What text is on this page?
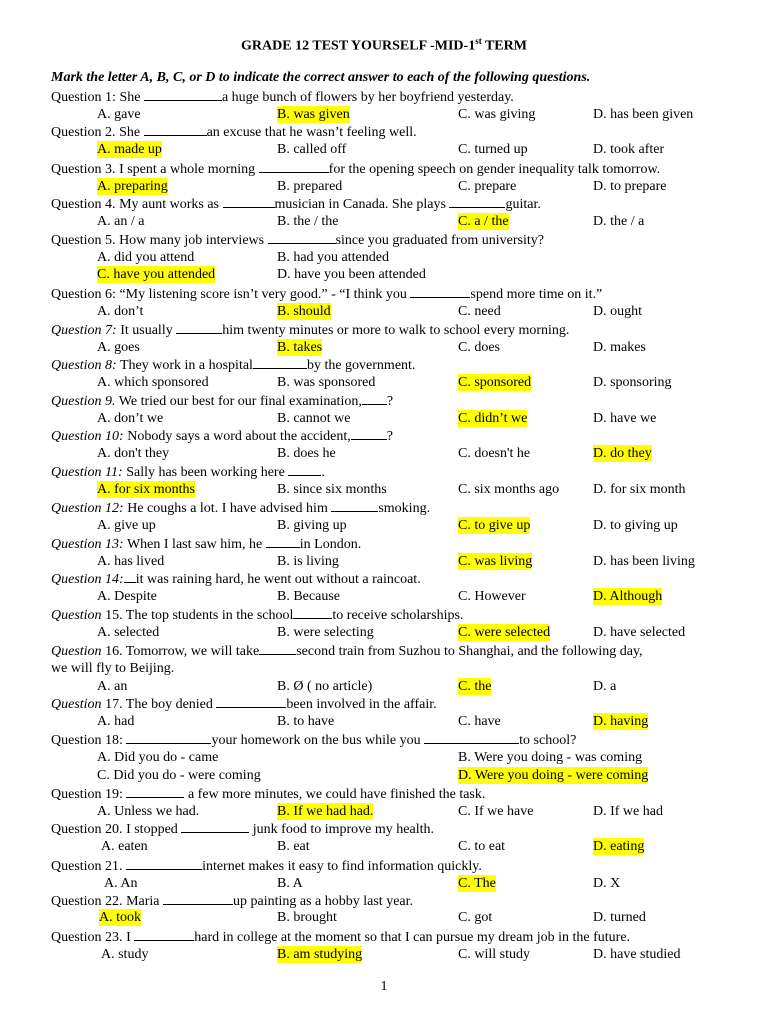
GRADE 12 TEST YOURSELF -MID-1st TERM
Mark the letter A, B, C, or D to indicate the correct answer to each of the following questions.
Question 1: She	a huge bunch of flowers by her boyfriend yesterday.
A. gave	B. was given	C. was giving	D. has been given
Question 2. She	an excuse that he wasn’t feeling well.
A. made up	B. called off	C. turned up	D. took after
Question 3. I spent a whole morning	for the opening speech on gender inequality talk tomorrow.
A. preparing	B. prepared	C. prepare	D. to prepare
Question 4. My aunt works as	musician in Canada. She plays	guitar.
A. an / a	B. the / the	C. a / the	D. the / a
Question 5. How many job interviews	since you graduated from university?
A. did you attend	B. had you attended
C. have you attended	D. have you been attended
Question 6: “My listening score isn’t very good.” - “I think you	spend more time on it.”
A. don’t	B. should	C. need	D. ought
Question 7: It usually	him twenty minutes or more to walk to school every morning.
A. goes	B. takes	C. does	D. makes
Question 8: They work in a hospital	by the government.
A. which sponsored	B. was sponsored	C. sponsored	D. sponsoring
Question 9. We tried our best for our final examination, ?
A. don’t we	B. cannot we	C. didn’t we	D. have we
Question 10: Nobody says a word about the accident,	?
A. don't they	B. does he	C. doesn't he	D. do they
Question 11: Sally has been working here .
A. for six months	B. since six months	C. six months ago D. for six month
Question 12: He coughs a lot. I have advised him	smoking.
A. give up	B. giving up	C. to give up	D. to giving up
Question 13: When I last saw him, he in London.
A. has lived	B. is living	C. was living	D. has been living
Question 14: it was raining hard, he went out without a raincoat.
A. Despite	B. Because	C. However	D. Although
Question 15. The top students in the school	to receive scholarships.
A. selected	B. were selecting	C. were selected	D. have selected
Question 16. Tomorrow, we will take	second train from Suzhou to Shanghai, and the following day,
we will fly to Beijing.
A. an	B. Ø ( no article)	C. the	D. a
Question 17. The boy denied	been involved in the affair.
A. had	B. to have	C. have	D. having
Question 18:	your homework on the bus while you	to school?
A. Did you do - came	B. Were you doing - was coming
C. Did you do - were coming	D. Were you doing - were coming
Question 19:	a few more minutes, we could have finished the task.
A. Unless we had.	B. If we had had.	C. If we have	D. If we had
Question 20. I stopped	junk food to improve my health.
A. eaten	B. eat	C. to eat	D. eating
Question 21.	internet makes it easy to find information quickly.
A. An	B. A	C. The	D. X
Question 22. Maria	up painting as a hobby last year.
A. took	B. brought	C. got	D. turned
Question 23. I	hard in college at the moment so that I can pursue my dream job in the future.
A. study	B. am studying	C. will study	D. have studied
1
